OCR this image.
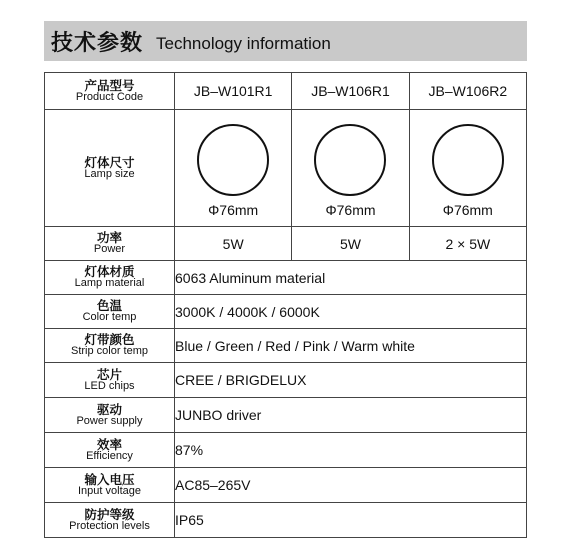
技术参数 Technology information
产品型号
Product Code	JB–W101R1	JB–W106R1	JB–W106R2

灯体尺寸
Lamp size	Φ76mm	Φ76mm	Φ76mm

功率
Power	5W	5W	2 × 5W

灯体材质
Lamp material	6063 Aluminum material		

色温
Color temp	3000K / 4000K / 6000K		

灯带颜色
Strip color temp	Blue / Green / Red / Pink / Warm white		

芯片
LED chips	CREE / BRIGDELUX		

驱动
Power supply	JUNBO driver		

效率
Efficiency	87%		

输入电压
Input voltage	AC85–265V		

防护等级
Protection levels	IP65		
